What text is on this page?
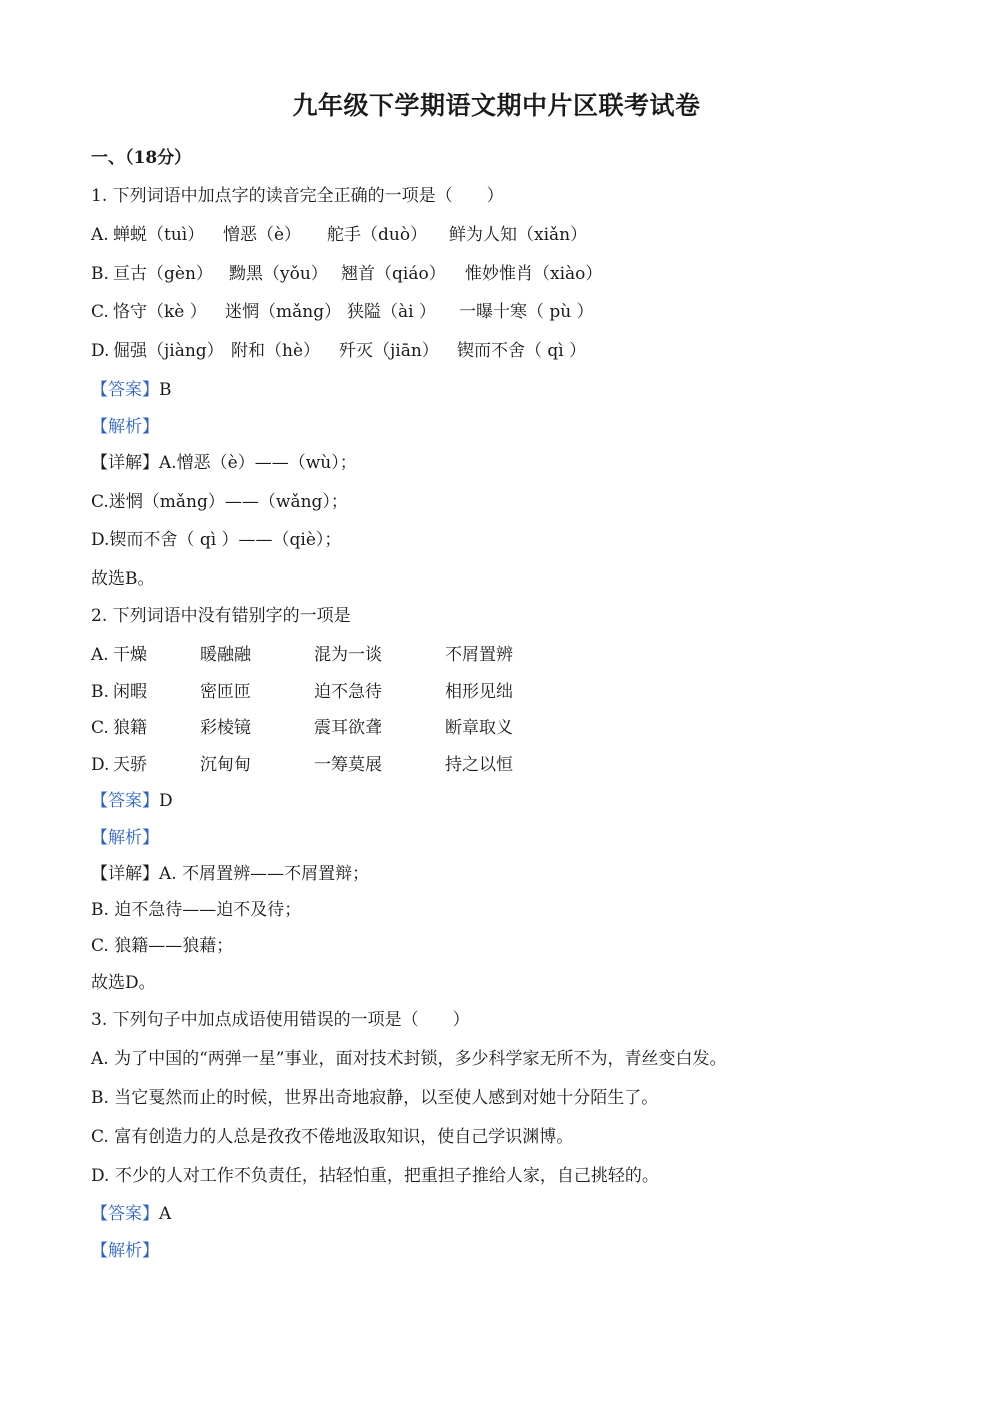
九年级下学期语文期中片区联考试卷
一、（18分）
1. 下列词语中加点字的读音完全正确的一项是（　　）
A. 蝉蜕（tuì） 憎恶（è） 舵手（duò） 鲜为人知（xiǎn）
B. 亘古（gèn） 黝黑（yǒu） 翘首（qiáo） 惟妙惟肖（xiào）
C. 恪守（kè ） 迷惘（mǎng） 狭隘（ài ） 一曝十寒（ pù ）
D. 倔强（jiàng） 附和（hè） 歼灭（jiān） 锲而不舍（ qì ）
【答案】B
【解析】
【详解】A.憎恶（è）——（wù）；
C.迷惘（mǎng）——（wǎng）；
D.锲而不舍（ qì ）——（qiè）；
故选B。
2. 下列词语中没有错别字的一项是
A. 干燥	暖融融	混为一谈	不屑置辨
B. 闲暇	密匝匝	迫不急待	相形见绌
C. 狼籍	彩棱镜	震耳欲聋	断章取义
D. 天骄	沉甸甸	一筹莫展	持之以恒
【答案】D
【解析】
【详解】A. 不屑置辨——不屑置辩；
B. 迫不急待——迫不及待；
C. 狼籍——狼藉；
故选D。
3. 下列句子中加点成语使用错误的一项是（　　）
A. 为了中国的“两弹一星”事业，面对技术封锁，多少科学家无所不为，青丝变白发。
B. 当它戛然而止的时候，世界出奇地寂静，以至使人感到对她十分陌生了。
C. 富有创造力的人总是孜孜不倦地汲取知识，使自己学识渊博。
D. 不少的人对工作不负责任，拈轻怕重，把重担子推给人家，自己挑轻的。
【答案】A
【解析】
